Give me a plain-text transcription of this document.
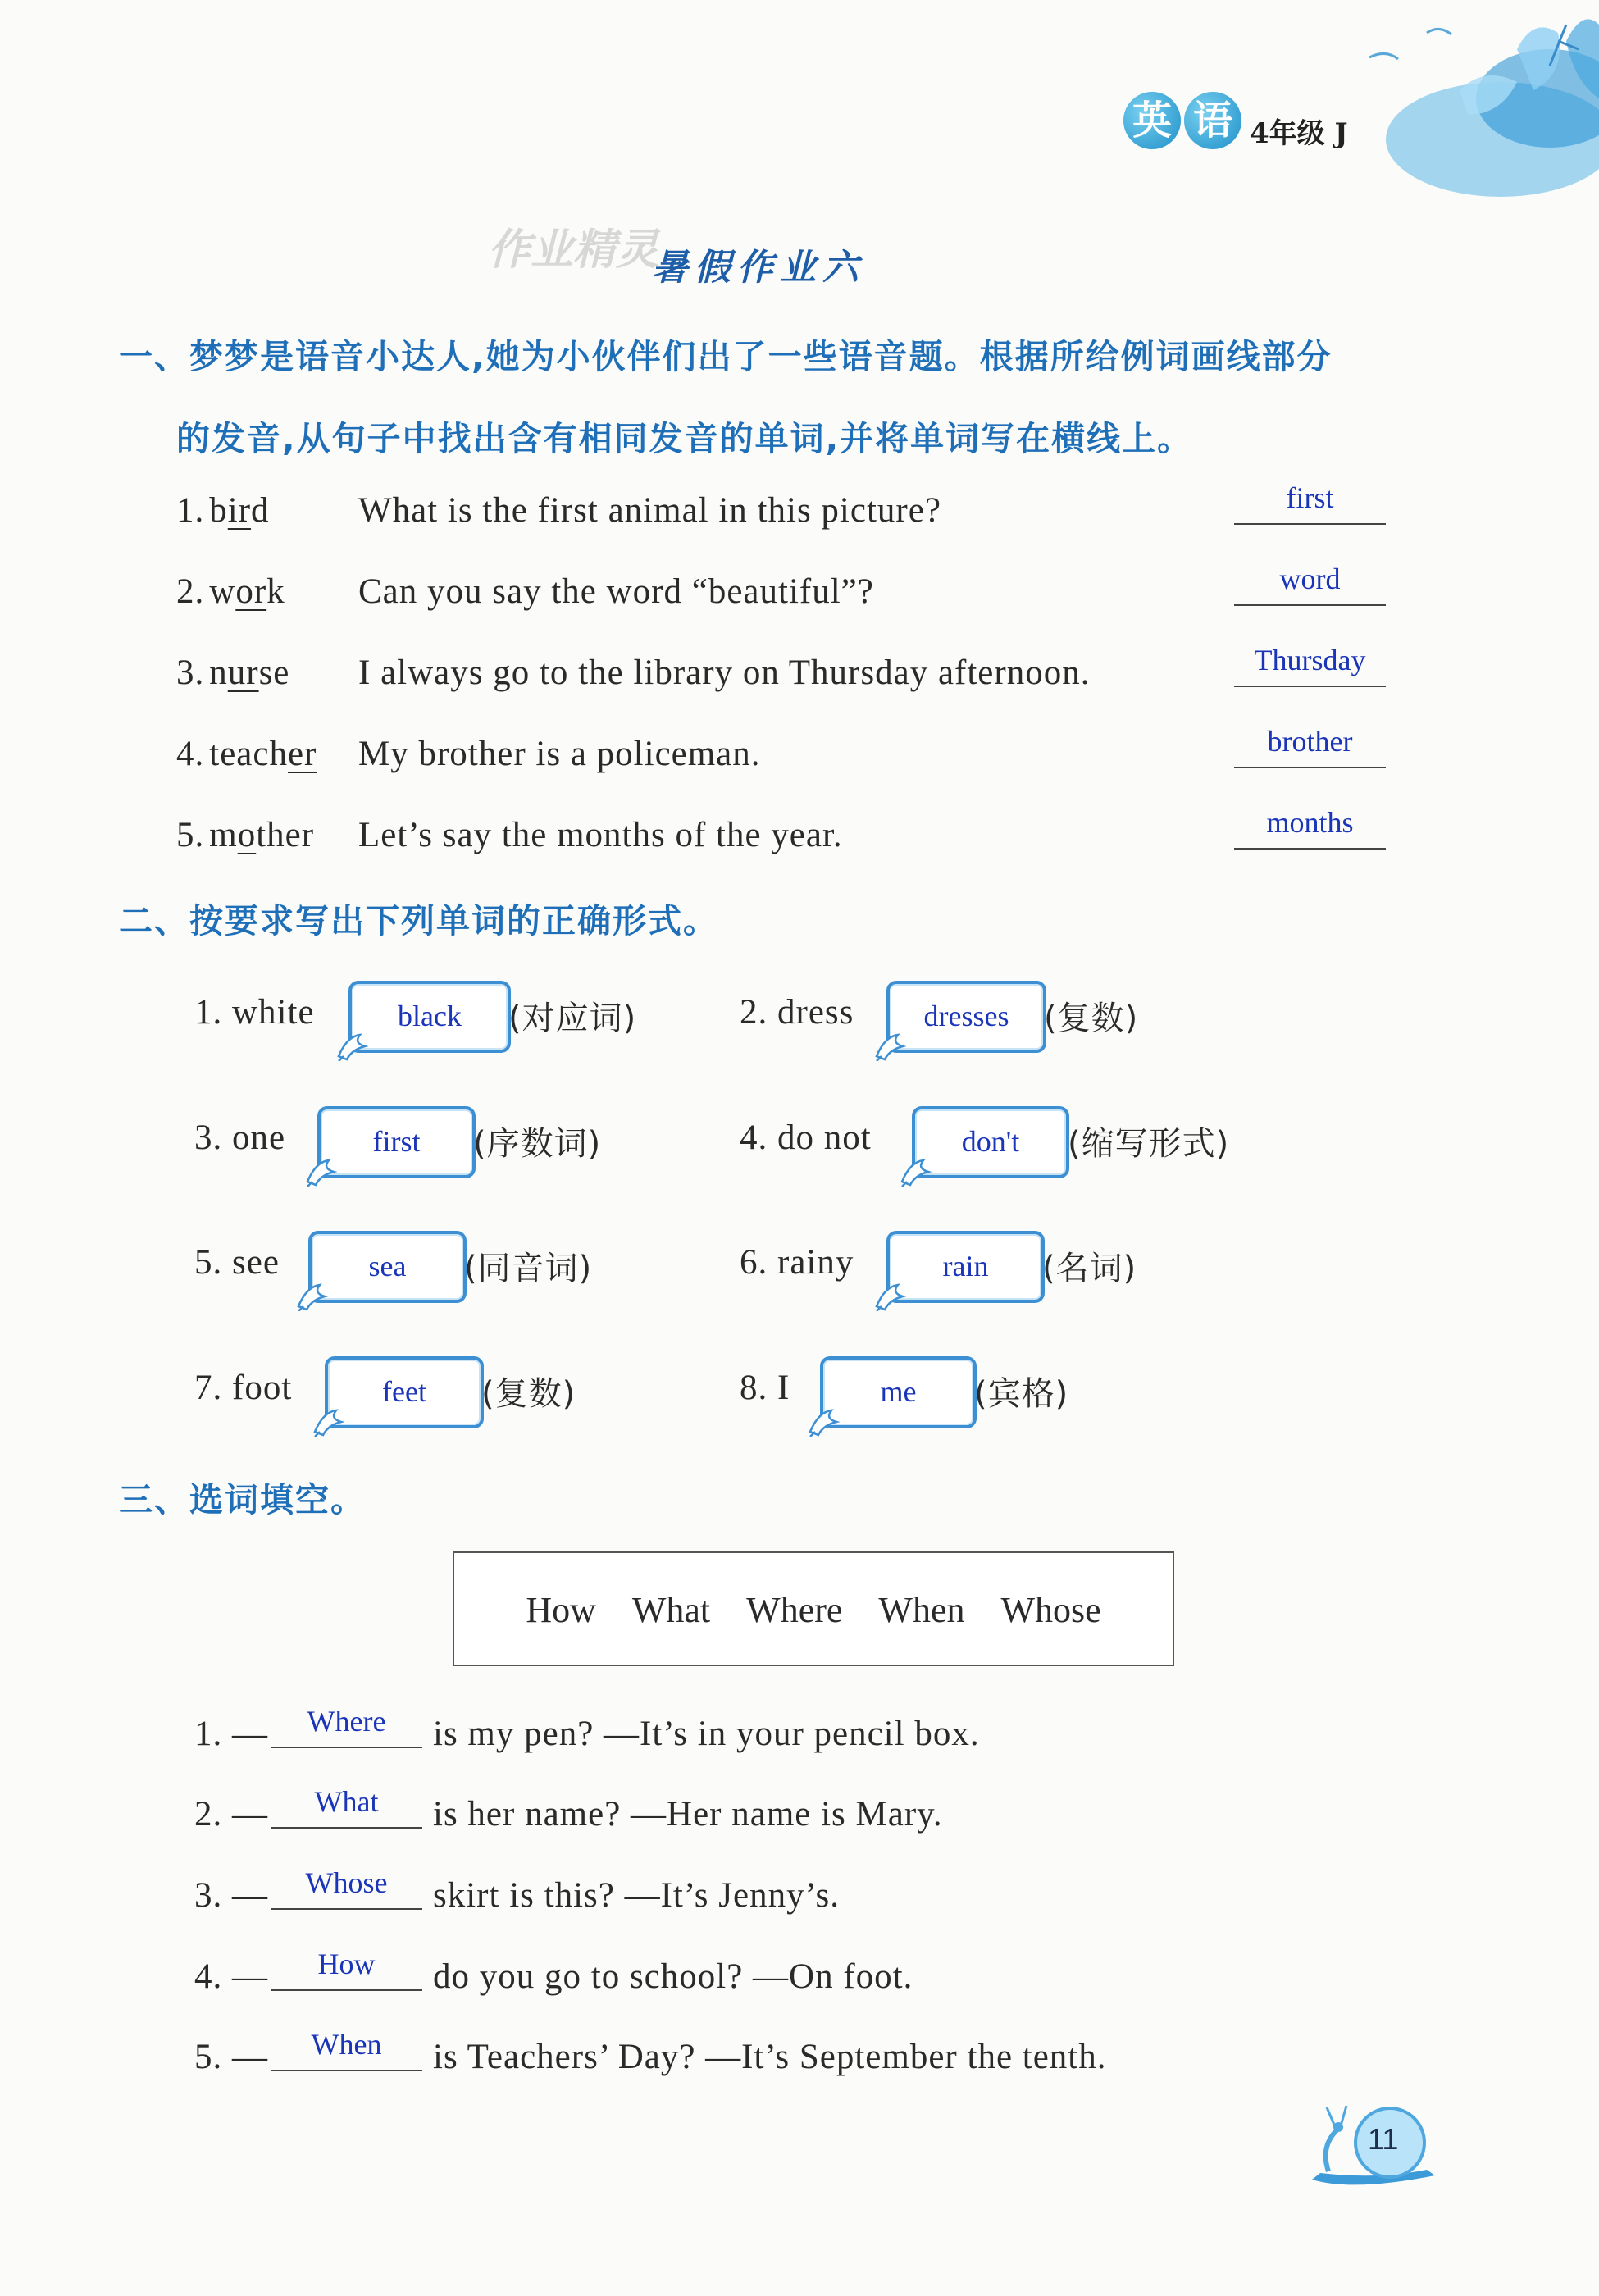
英 语 4年级 J
作业精灵
暑假作业六
一、梦梦是语音小达人,她为小伙伴们出了一些语音题。根据所给例词画线部分
的发音,从句子中找出含有相同发音的单词,并将单词写在横线上。
1. bird	What is the first animal in this picture?	first
2. work Can you say the word “beautiful”?	word
3. nurse I always go to the library on Thursday afternoon.	Thursday
4. teacher My brother is a policeman.	brother
5. mother Let’s say the months of the year.	months
二、按要求写出下列单词的正确形式。
1. white	black	(对应词)	2. dress	dresses	(复数)
3. one	first	(序数词)	4. do not	don't	(缩写形式)
5. see	sea	(同音词)	6. rainy	rain	(名词)
7. foot	feet	(复数)	8. I	me	(宾格)
三、选词填空。
How What Where When Whose
1. —	Where	is my pen? —It’s in your pencil box.
2. —	What	is her name? —Her name is Mary.
3. —	Whose	skirt is this? —It’s Jenny’s.
4. —	How	do you go to school? —On foot.
5. —	When	is Teachers’ Day? —It’s September the tenth.
11
